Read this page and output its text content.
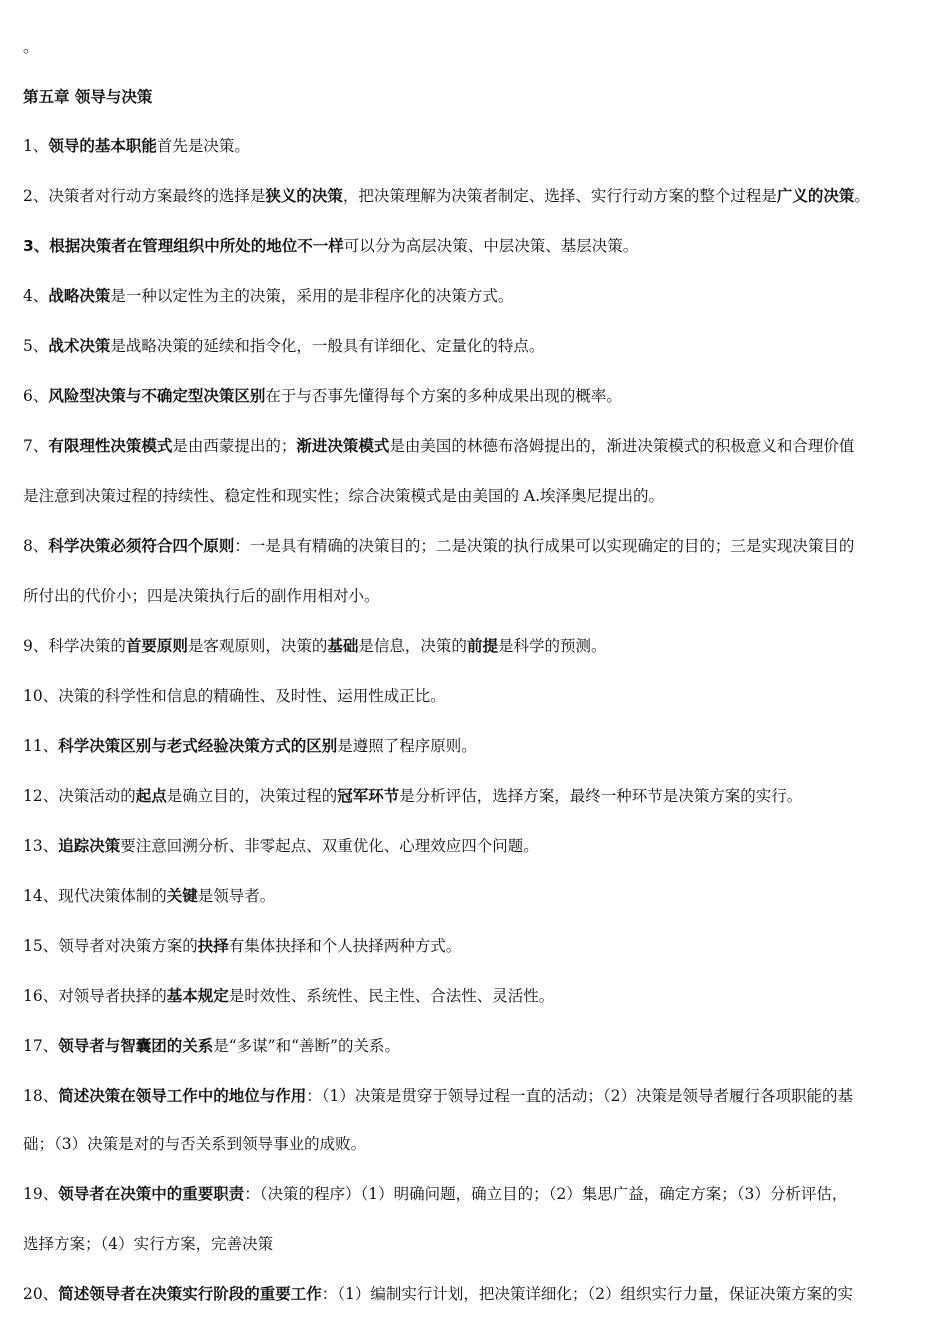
。
第五章 领导与决策
1、领导的基本职能首先是决策。
2、决策者对行动方案最终的选择是狭义的决策，把决策理解为决策者制定、选择、实行行动方案的整个过程是广义的决策。
3、根据决策者在管理组织中所处的地位不一样可以分为高层决策、中层决策、基层决策。
4、战略决策是一种以定性为主的决策，采用的是非程序化的决策方式。
5、战术决策是战略决策的延续和指令化，一般具有详细化、定量化的特点。
6、风险型决策与不确定型决策区别在于与否事先懂得每个方案的多种成果出现的概率。
7、有限理性决策模式是由西蒙提出的；渐进决策模式是由美国的林德布洛姆提出的，渐进决策模式的积极意义和合理价值
是注意到决策过程的持续性、稳定性和现实性；综合决策模式是由美国的 A.埃泽奥尼提出的。
8、科学决策必须符合四个原则：一是具有精确的决策目的；二是决策的执行成果可以实现确定的目的；三是实现决策目的
所付出的代价小；四是决策执行后的副作用相对小。
9、科学决策的首要原则是客观原则，决策的基础是信息，决策的前提是科学的预测。
10、决策的科学性和信息的精确性、及时性、运用性成正比。
11、科学决策区别与老式经验决策方式的区别是遵照了程序原则。
12、决策活动的起点是确立目的，决策过程的冠军环节是分析评估，选择方案，最终一种环节是决策方案的实行。
13、追踪决策要注意回溯分析、非零起点、双重优化、心理效应四个问题。
14、现代决策体制的关键是领导者。
15、领导者对决策方案的抉择有集体抉择和个人抉择两种方式。
16、对领导者抉择的基本规定是时效性、系统性、民主性、合法性、灵活性。
17、领导者与智囊团的关系是“多谋”和“善断”的关系。
18、简述决策在领导工作中的地位与作用：（1）决策是贯穿于领导过程一直的活动；（2）决策是领导者履行各项职能的基
础；（3）决策是对的与否关系到领导事业的成败。
19、领导者在决策中的重要职责：（决策的程序）（1）明确问题，确立目的；（2）集思广益，确定方案；（3）分析评估，
选择方案；（4）实行方案，完善决策
20、简述领导者在决策实行阶段的重要工作：（1）编制实行计划，把决策详细化；（2）组织实行力量，保证决策方案的实
